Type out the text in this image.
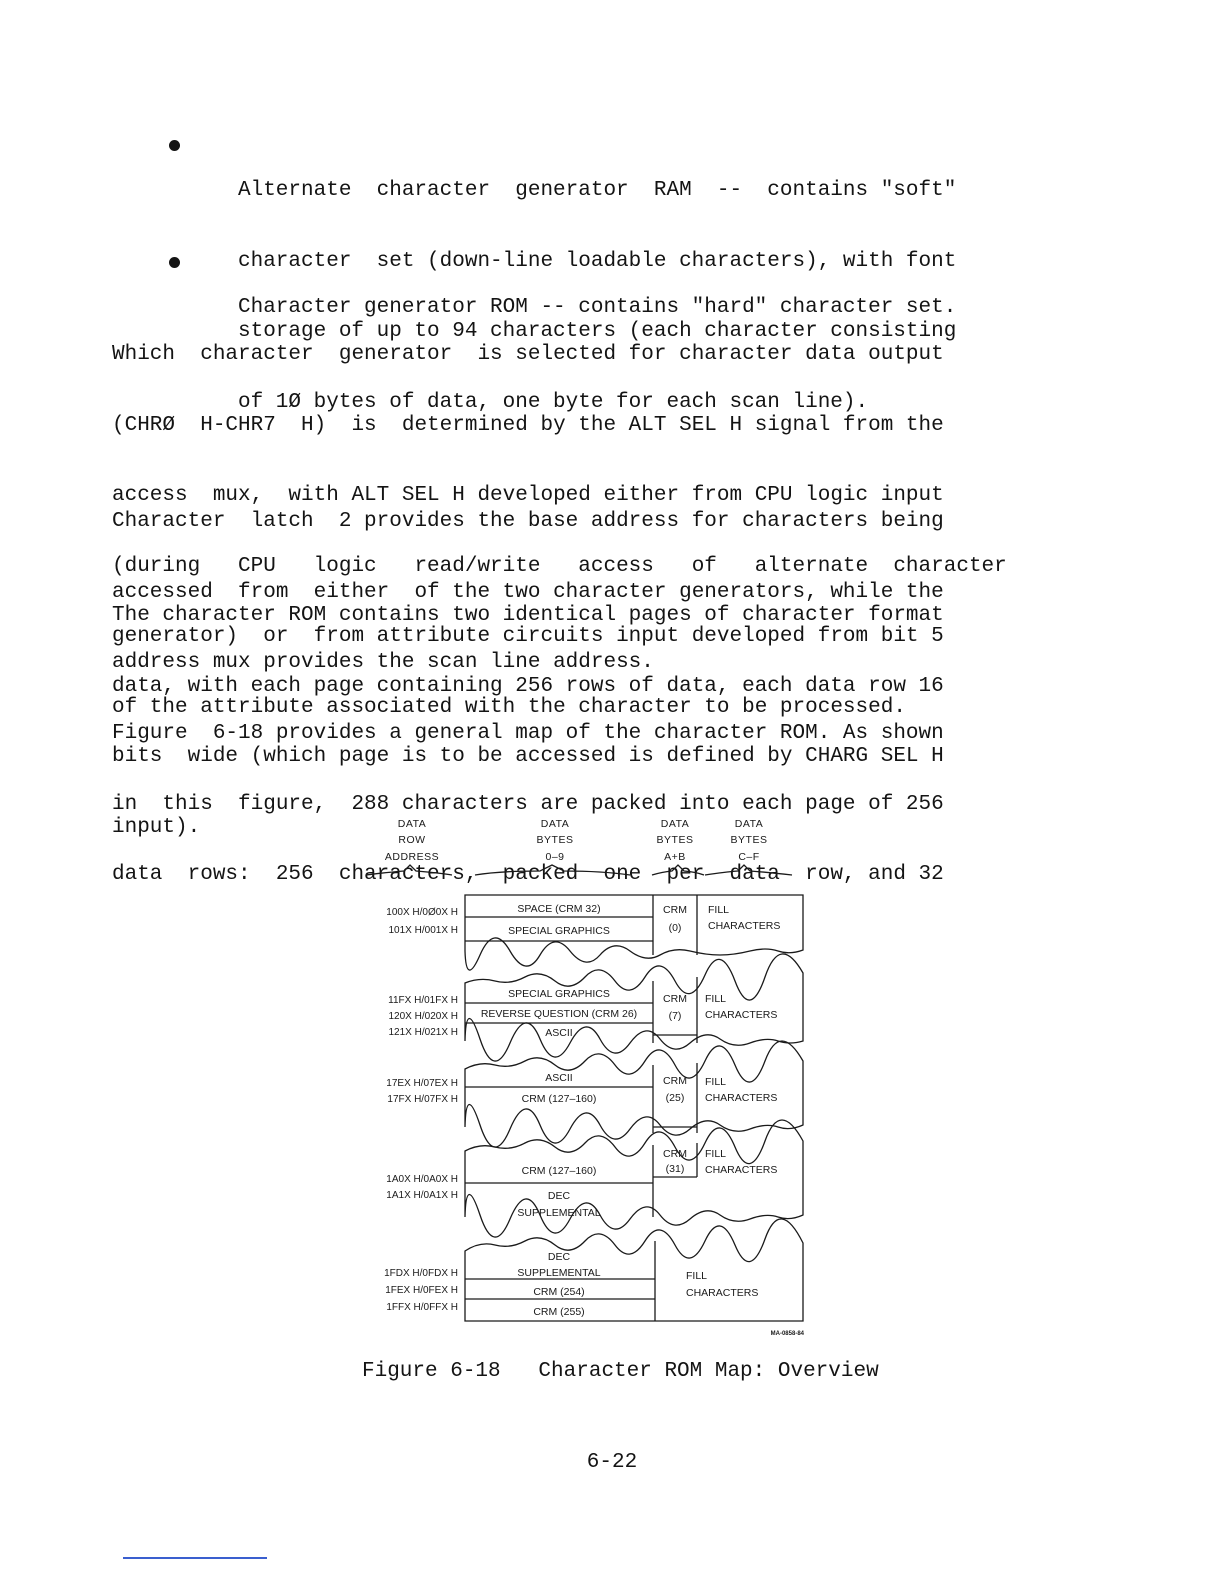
Alternate  character  generator  RAM  --  contains "soft"

character  set (down-line loadable characters), with font

storage of up to 94 characters (each character consisting

of 1Ø bytes of data, one byte for each scan line).

Character generator ROM -- contains "hard" character set.

Which  character  generator  is selected for character data output

(CHRØ  H-CHR7  H)  is  determined by the ALT SEL H signal from the

access  mux,  with ALT SEL H developed either from CPU logic input

(during   CPU   logic   read/write   access   of   alternate  character

generator)  or  from attribute circuits input developed from bit 5

of the attribute associated with the character to be processed.

Character  latch  2 provides the base address for characters being

accessed  from  either  of the two character generators, while the

address mux provides the scan line address.

The character ROM contains two identical pages of character format

data, with each page containing 256 rows of data, each data row 16

bits  wide (which page is to be accessed is defined by CHARG SEL H

input).

Figure  6-18 provides a general map of the character ROM. As shown

in  this  figure,  288 characters are packed into each page of 256

data  rows:  256  characters,  packed  one  per  data  row, and 32

DATA
ROW
ADDRESS
DATA
BYTES
0–9
DATA
BYTES
A+B
DATA
BYTES
C–F
100X H/0Ø0X H
101X H/001X H
11FX H/01FX H
120X H/020X H
121X H/021X H
17EX H/07EX H
17FX H/07FX H
1A0X H/0A0X H
1A1X H/0A1X H
1FDX H/0FDX H
1FEX H/0FEX H
1FFX H/0FFX H
SPACE (CRM 32)
SPECIAL GRAPHICS
SPECIAL GRAPHICS
REVERSE QUESTION (CRM 26)
ASCII
ASCII
CRM (127–160)
CRM (127–160)
DEC
SUPPLEMENTAL
DEC
SUPPLEMENTAL
CRM (254)
CRM (255)
CRM
(0)
CRM
(7)
CRM
(25)
CRM
(31)
FILL
CHARACTERS
FILL
CHARACTERS
FILL
CHARACTERS
FILL
CHARACTERS
FILL
CHARACTERS
MA-0858-84
Figure 6-18   Character ROM Map: Overview
6-22
